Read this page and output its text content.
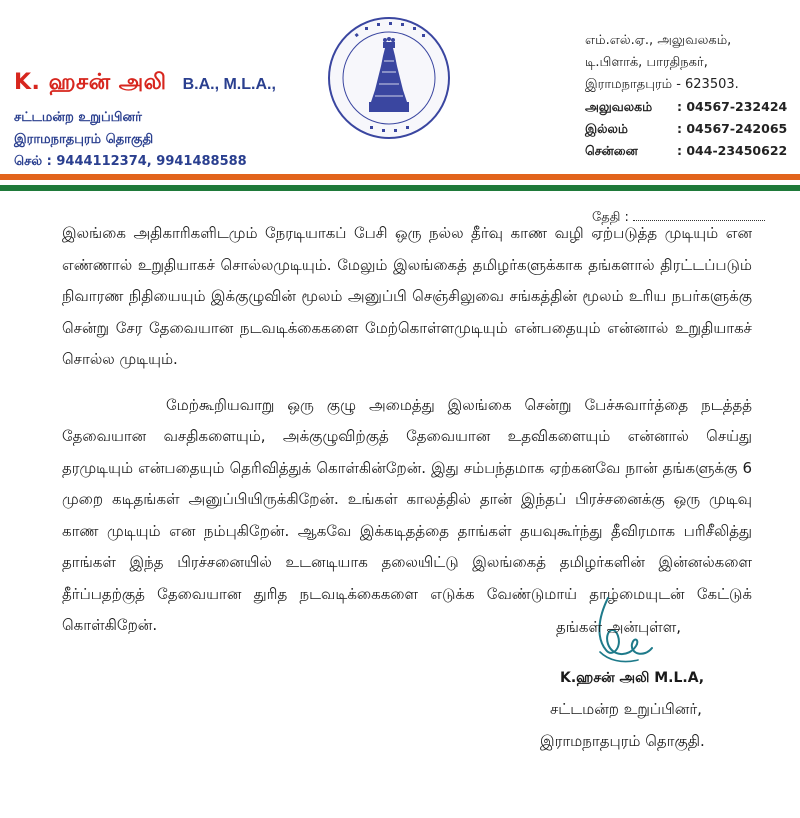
K. ஹசன் அலி B.A., M.L.A.,
சட்டமன்ற உறுப்பினர்
இராமநாதபுரம் தொகுதி
செல் : 9444112374, 9941488588
எம்.எல்.ஏ., அலுவலகம்,
டி.பிளாக், பாரதிநகர்,
இராமநாதபுரம் - 623503.
அலுவலகம்	: 04567-232424
இல்லம்	: 04567-242065
சென்னை	: 044-23450622
தேதி :

இலங்கை அதிகாரிகளிடமும் நேரடியாகப் பேசி ஒரு நல்ல தீர்வு காண வழி ஏற்படுத்த முடியும் என எண்ணால் உறுதியாகச் சொல்லமுடியும். மேலும் இலங்கைத் தமிழர்களுக்காக தங்களால் திரட்டப்படும் நிவாரண நிதியையும் இக்குழுவின் மூலம் அனுப்பி செஞ்சிலுவை சங்கத்தின் மூலம் உரிய நபர்களுக்கு சென்று சேர தேவையான நடவடிக்கைகளை மேற்கொள்ளமுடியும் என்பதையும் என்னால் உறுதியாகச் சொல்ல முடியும்.

மேற்கூறியவாறு ஒரு குழு அமைத்து இலங்கை சென்று பேச்சுவார்த்தை நடத்தத் தேவையான வசதிகளையும், அக்குழுவிற்குத் தேவையான உதவிகளையும் என்னால் செய்து தரமுடியும் என்பதையும் தெரிவித்துக் கொள்கின்றேன். இது சம்பந்தமாக ஏற்கனவே நான் தங்களுக்கு 6 முறை கடிதங்கள் அனுப்பியிருக்கிறேன். உங்கள் காலத்தில் தான் இந்தப் பிரச்சனைக்கு ஒரு முடிவு காண முடியும் என நம்புகிறேன். ஆகவே இக்கடிதத்தை தாங்கள் தயவுகூர்ந்து தீவிரமாக பரிசீலித்து தாங்கள் இந்த பிரச்சனையில் உடனடியாக தலையிட்டு இலங்கைத் தமிழர்களின் இன்னல்களை தீர்ப்பதற்குத் தேவையான துரித நடவடிக்கைகளை எடுக்க வேண்டுமாய் தாழ்மையுடன் கேட்டுக் கொள்கிறேன்.	தங்கள் அன்புள்ள,
K.ஹசன் அலி M.L.A,
சட்டமன்ற உறுப்பினர்,
இராமநாதபுரம் தொகுதி.
